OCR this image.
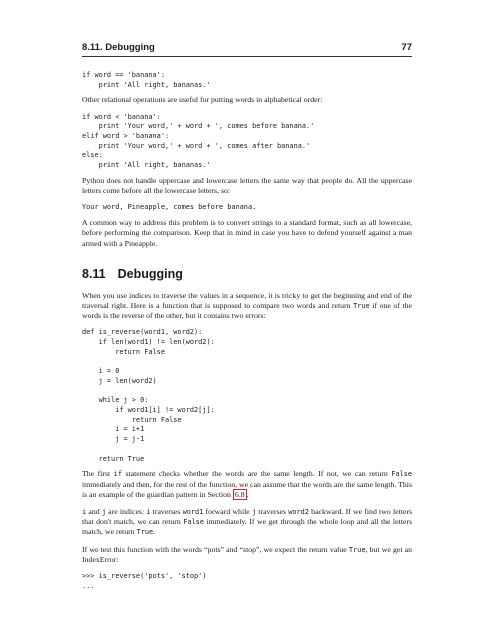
8.11. Debugging	77
if word == 'banana':
print 'All right, bananas.'

Other relational operations are useful for putting words in alphabetical order:

if word < 'banana':
print 'Your word,' + word + ', comes before banana.'
elif word > 'banana':
print 'Your word,' + word + ', comes after banana.'
else:
print 'All right, bananas.'

Python does not handle uppercase and lowercase letters the same way that people do. All the uppercase letters come before all the lowercase letters, so:

Your word, Pineapple, comes before banana.

A common way to address this problem is to convert strings to a standard format, such as all lowercase, before performing the comparison. Keep that in mind in case you have to defend yourself against a man armed with a Pineapple.

8.11 Debugging

When you use indices to traverse the values in a sequence, it is tricky to get the beginning and end of the traversal right. Here is a function that is supposed to compare two words and return True if one of the words is the reverse of the other, but it contains two errors:

def is_reverse(word1, word2):
if len(word1) != len(word2):
return False

i = 0
j = len(word2)

while j > 0:
if word1[i] != word2[j]:
return False
i = i+1
j = j-1

return True

The first if statement checks whether the words are the same length. If not, we can return False immediately and then, for the rest of the function, we can assume that the words are the same length. This is an example of the guardian pattern in Section 6.8 .

i and j are indices: i traverses word1 forward while j traverses word2 backward. If we find two letters that don't match, we can return False immediately. If we get through the whole loop and all the letters match, we return True.

If we test this function with the words “pots” and “stop”, we expect the return value True, but we get an IndexError:

>>> is_reverse('pots', 'stop')
...
